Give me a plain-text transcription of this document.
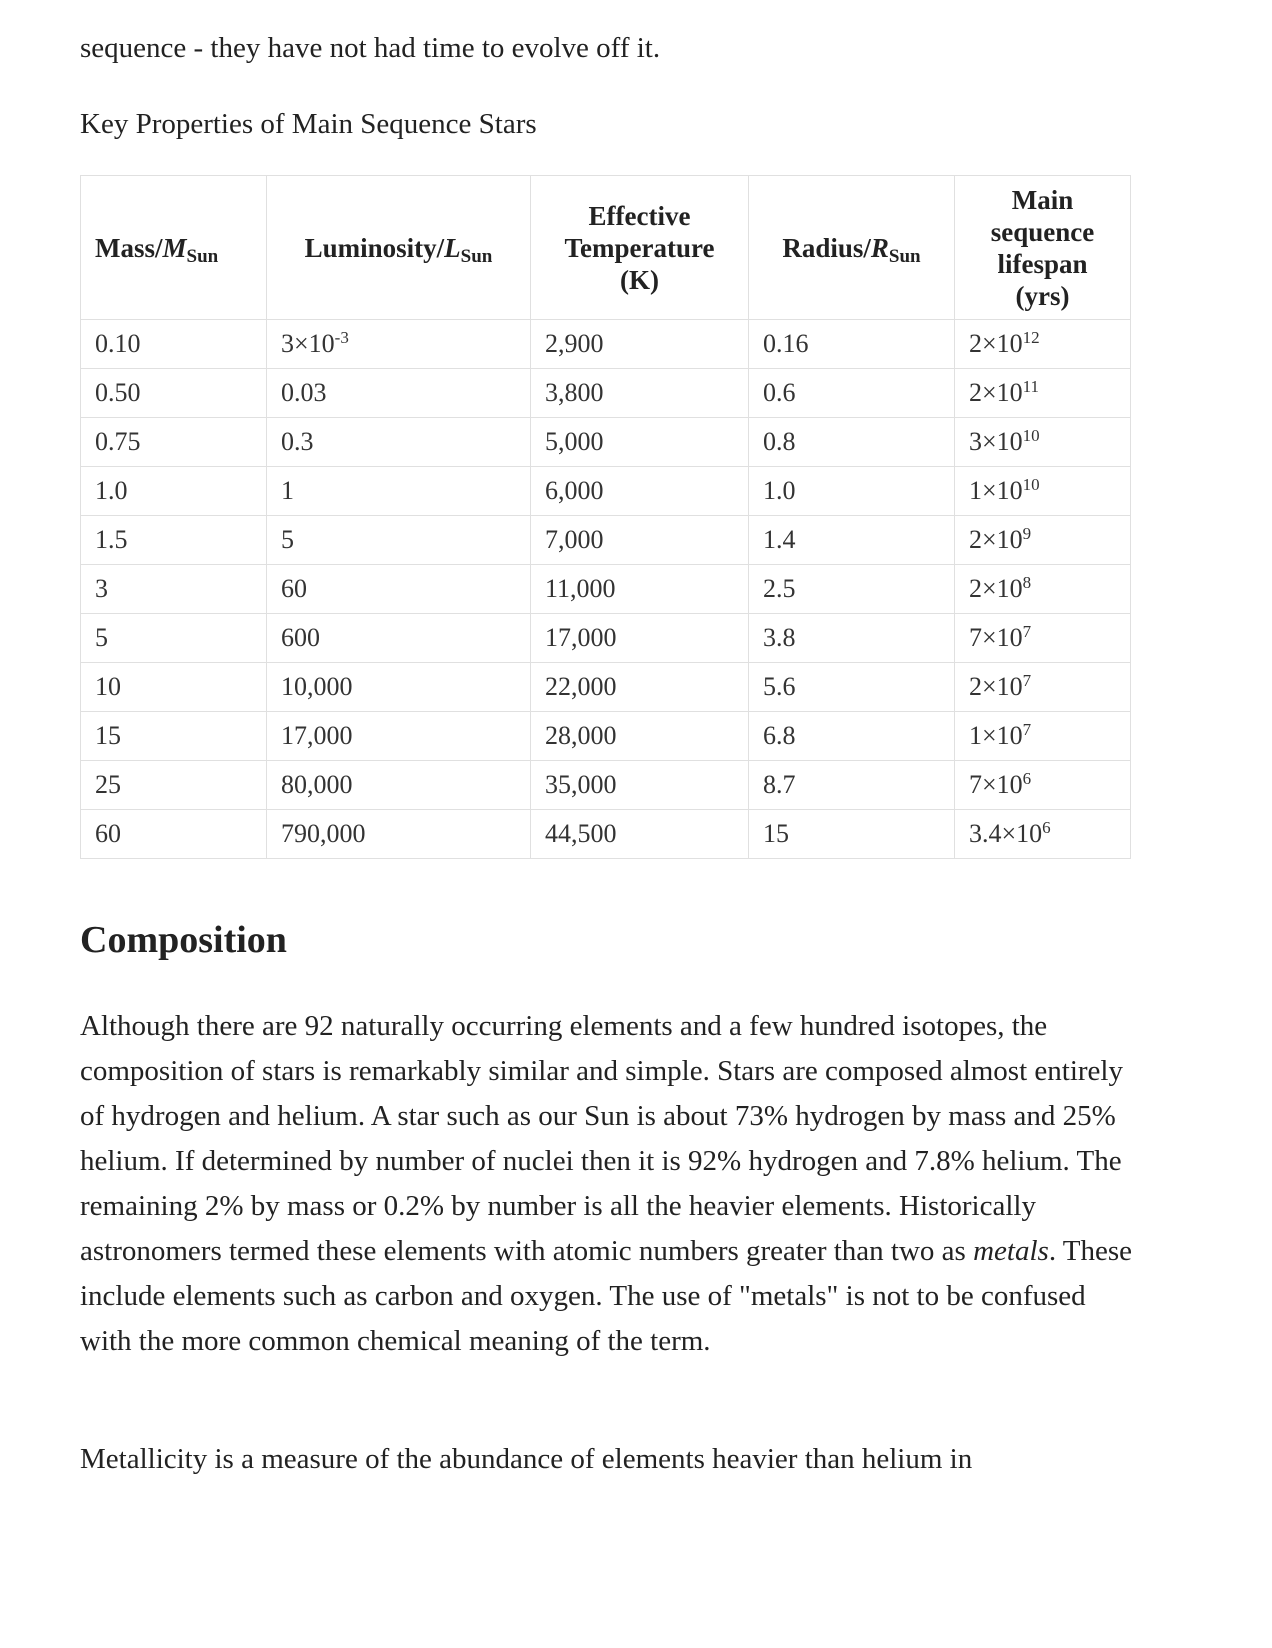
sequence - they have not had time to evolve off it.

Key Properties of Main Sequence Stars

Mass/$M_{Sun}$	Luminosity/$L_{Sun}$	Effective Temperature (K)	Radius/$R_{Sun}$	Main sequence lifespan (yrs)
0.10	$3\times 10^{-3}$	2,900	0.16	$2\times 10^{12}$
0.50	0.03	3,800	0.6	$2\times 10^{11}$
0.75	0.3	5,000	0.8	$3\times 10^{10}$
1.0	1	6,000	1.0	$1\times 10^{10}$
1.5	5	7,000	1.4	$2\times 10^9$
3	60	11,000	2.5	$2\times 10^8$
5	600	17,000	3.8	$7\times 10^7$
10	10,000	22,000	5.6	$2\times 10^7$
15	17,000	28,000	6.8	$1\times 10^7$
25	80,000	35,000	8.7	$7\times 10^6$
60	790,000	44,500	15	$3.4\times 10^6$
Composition

Although there are 92 naturally occurring elements and a few hundred isotopes, the composition of stars is remarkably similar and simple. Stars are composed almost entirely of hydrogen and helium. A star such as our Sun is about 73% hydrogen by mass and 25% helium. If determined by number of nuclei then it is 92% hydrogen and 7.8% helium. The remaining 2% by mass or 0.2% by number is all the heavier elements. Historically astronomers termed these elements with atomic numbers greater than two as metals. These include elements such as carbon and oxygen. The use of "metals" is not to be confused with the more common chemical meaning of the term.

Metallicity is a measure of the abundance of elements heavier than helium in
